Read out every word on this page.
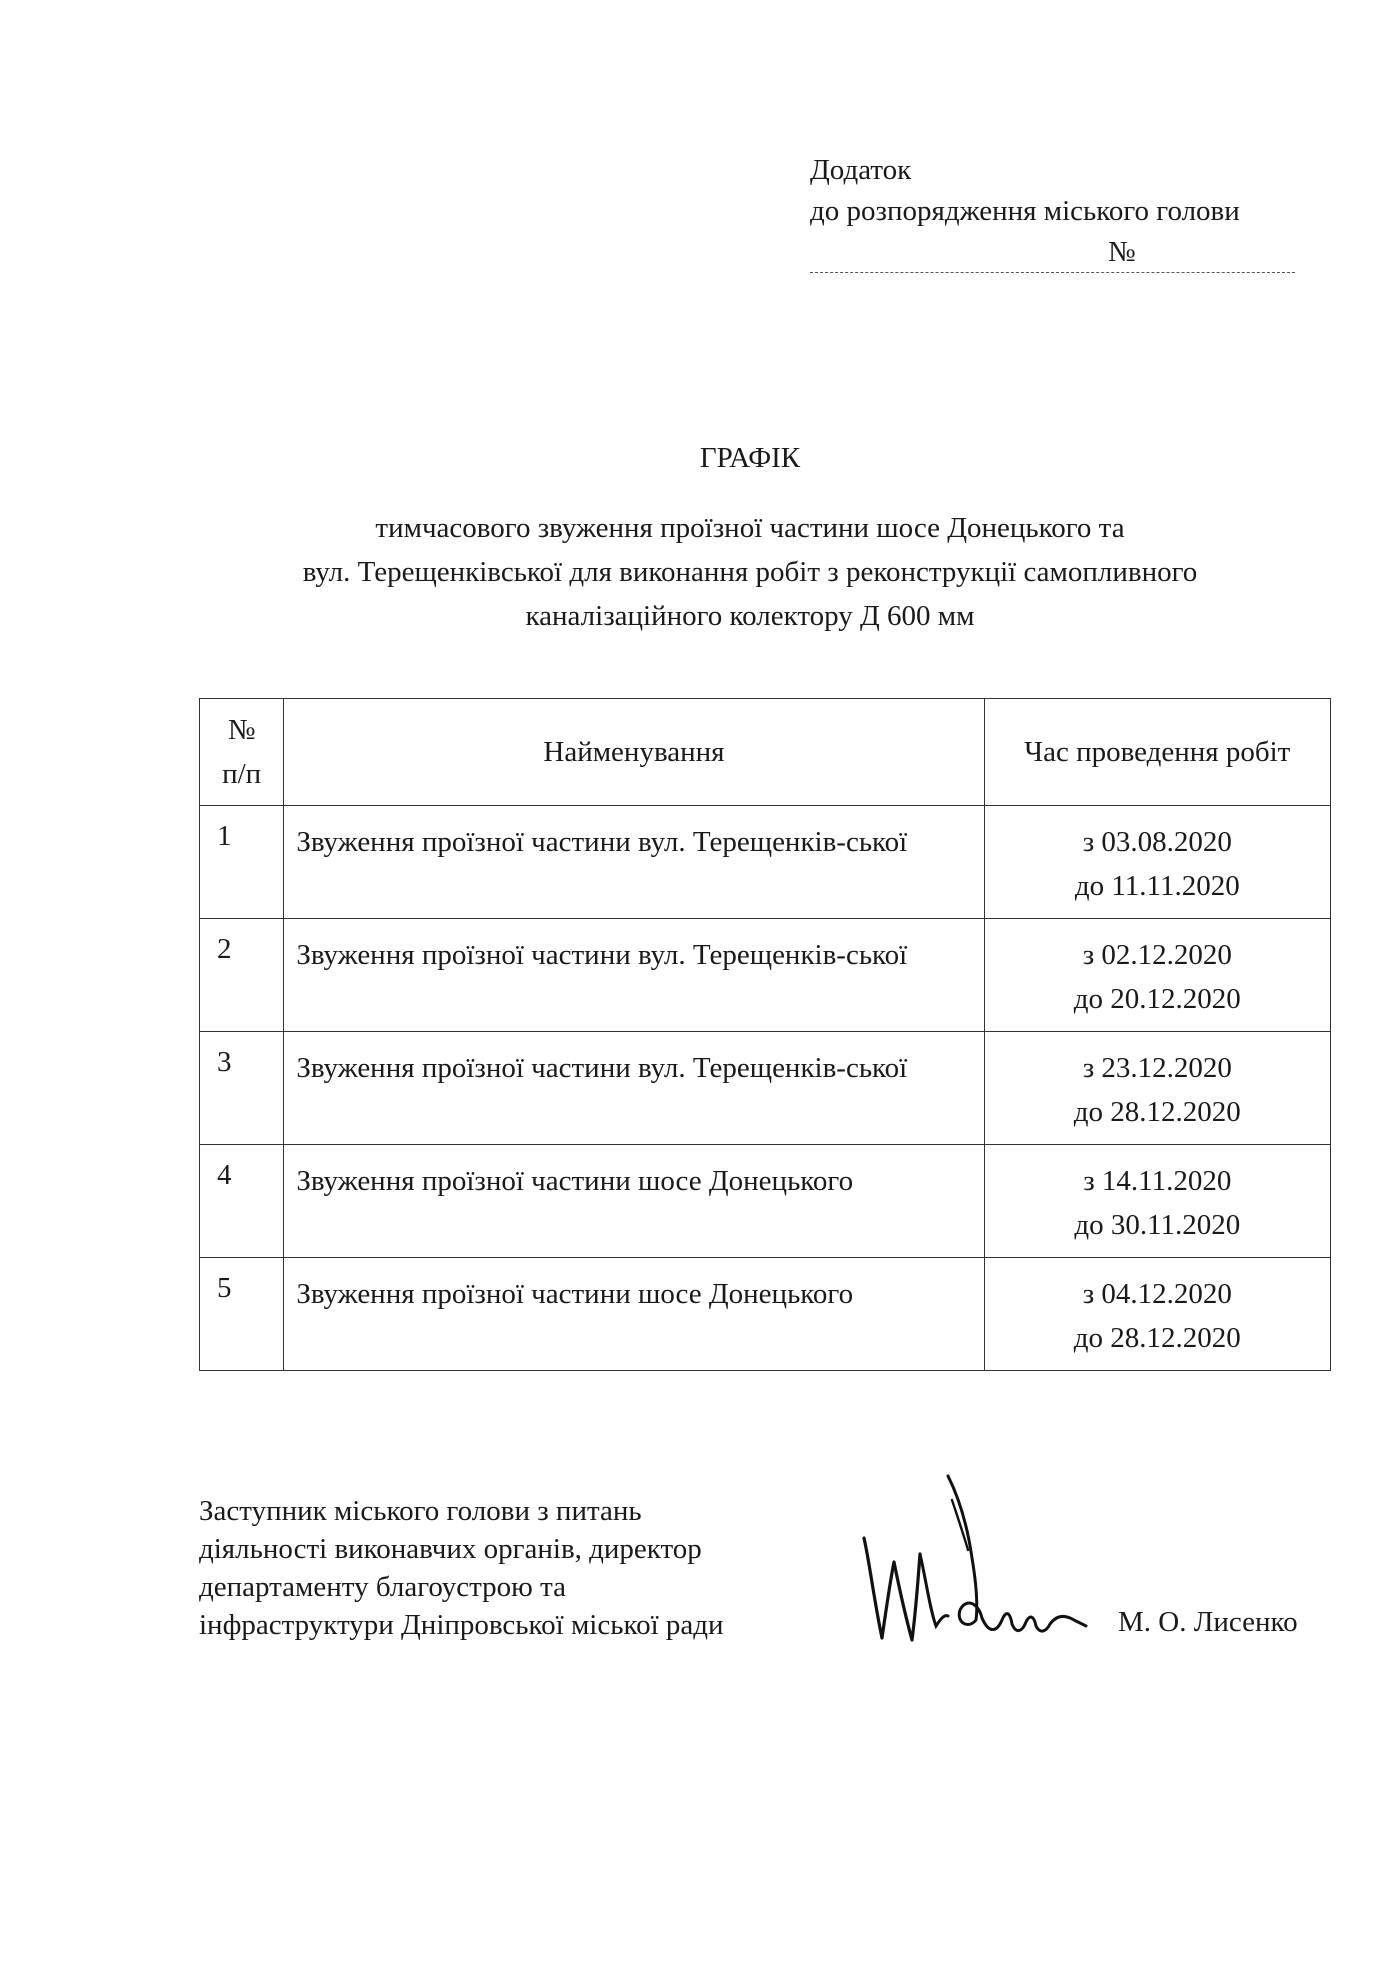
Додаток
до розпорядження міського голови
№
ГРАФІК
тимчасового звуження проїзної частини шосе Донецького та
вул. Терещенківської для виконання робіт з реконструкції самопливного
каналізаційного колектору Д 600 мм
№
п/п	Найменування	Час проведення робіт
1	Звуження проїзної частини вул. Терещенків-ської	з 03.08.2020
до 11.11.2020

2	Звуження проїзної частини вул. Терещенків-ської	з 02.12.2020
до 20.12.2020

3	Звуження проїзної частини вул. Терещенків-ської	з 23.12.2020
до 28.12.2020

4	Звуження проїзної частини шосе Донецького	з 14.11.2020
до 30.11.2020

5	Звуження проїзної частини шосе Донецького	з 04.12.2020
до 28.12.2020
Заступник міського голови з питань
діяльності виконавчих органів, директор
департаменту благоустрою та
інфраструктури Дніпровської міської ради	М. О. Лисенко
